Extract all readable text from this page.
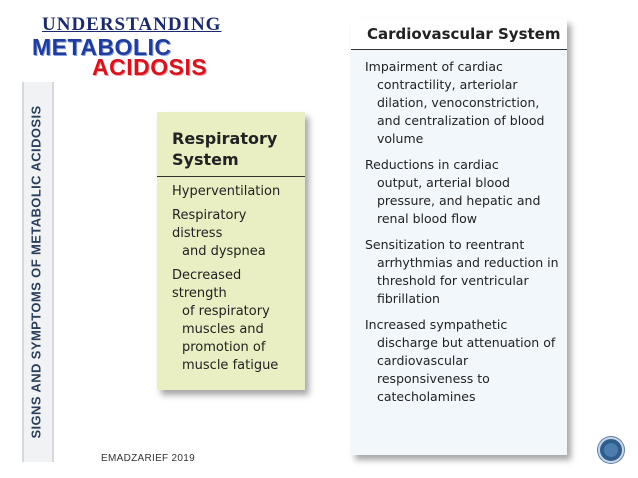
UNDERSTANDING
METABOLIC
ACIDOSIS
SIGNS AND SYMPTOMS OF METABOLIC ACIDOSIS	Respiratory System
Hyperventilation
Respiratory distress
and dyspnea
Decreased strength
of respiratory muscles and promotion of muscle fatigue
Cardiovascular System
Impairment of cardiac
contractility, arteriolar dilation, venoconstriction, and centralization of blood volume
Reductions in cardiac
output, arterial blood pressure, and hepatic and renal blood flow
Sensitization to reentrant
arrhythmias and reduction in threshold for ventricular fibrillation
Increased sympathetic
discharge but attenuation of cardiovascular responsiveness to catecholamines
EMADZARIEF 2019
